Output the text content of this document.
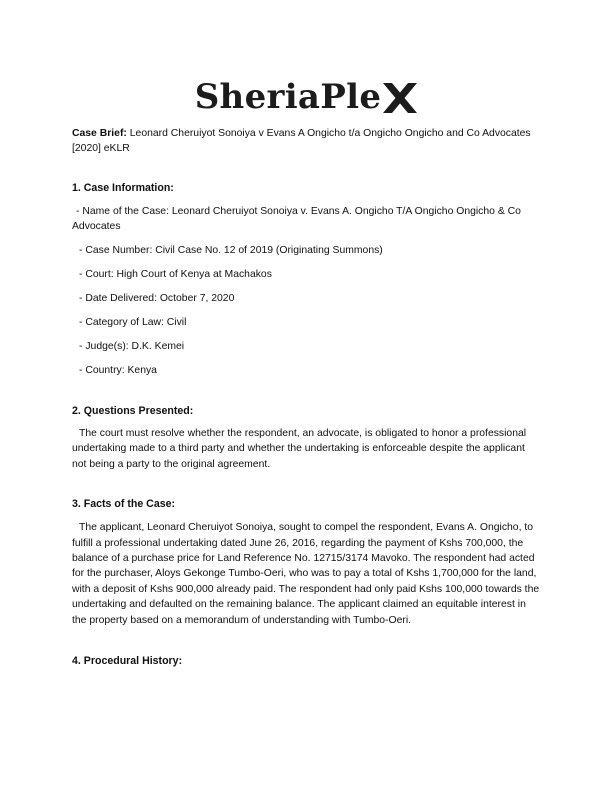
SheriaPle

Case Brief: Leonard Cheruiyot Sonoiya v Evans A Ongicho t/a Ongicho Ongicho and Co Advocates [2020] eKLR

1. Case Information:

- Name of the Case: Leonard Cheruiyot Sonoiya v. Evans A. Ongicho T/A Ongicho Ongicho & Co Advocates

- Case Number: Civil Case No. 12 of 2019 (Originating Summons)

- Court: High Court of Kenya at Machakos

- Date Delivered: October 7, 2020

- Category of Law: Civil

- Judge(s): D.K. Kemei

- Country: Kenya

2. Questions Presented:

The court must resolve whether the respondent, an advocate, is obligated to honor a professional undertaking made to a third party and whether the undertaking is enforceable despite the applicant not being a party to the original agreement.

3. Facts of the Case:

The applicant, Leonard Cheruiyot Sonoiya, sought to compel the respondent, Evans A. Ongicho, to fulfill a professional undertaking dated June 26, 2016, regarding the payment of Kshs 700,000, the balance of a purchase price for Land Reference No. 12715/3174 Mavoko. The respondent had acted for the purchaser, Aloys Gekonge Tumbo-Oeri, who was to pay a total of Kshs 1,700,000 for the land, with a deposit of Kshs 900,000 already paid. The respondent had only paid Kshs 100,000 towards the undertaking and defaulted on the remaining balance. The applicant claimed an equitable interest in the property based on a memorandum of understanding with Tumbo-Oeri.

4. Procedural History:
